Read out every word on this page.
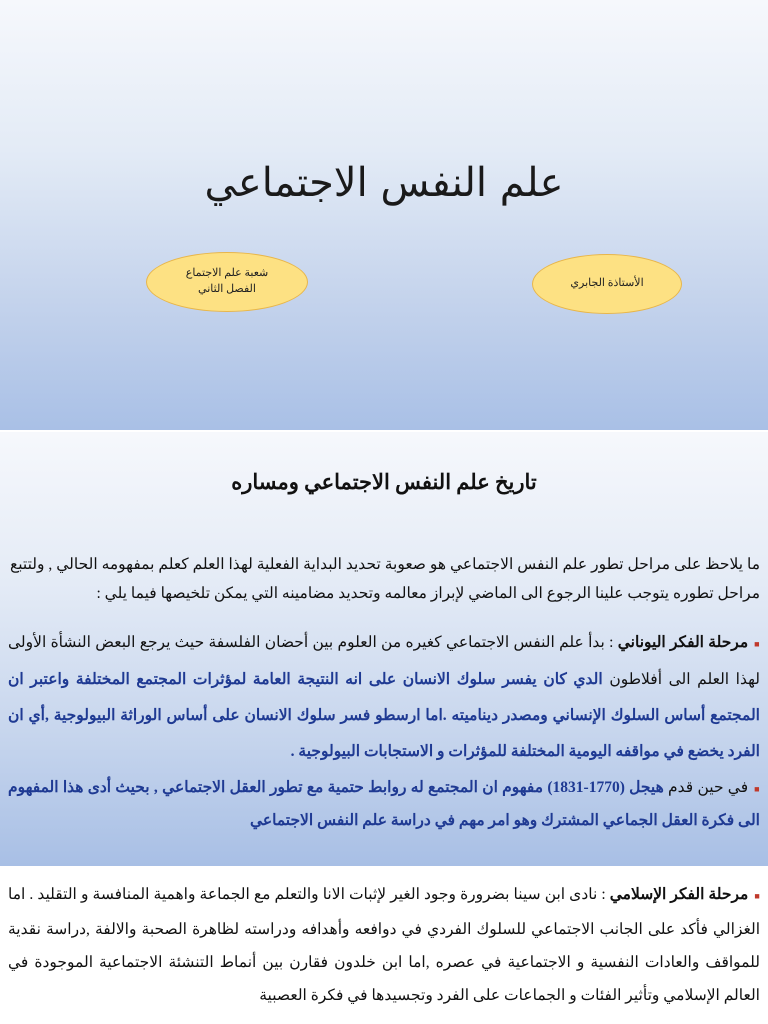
علم النفس الاجتماعي
شعبة علم الاجتماع
الفصل الثاني	الأستاذة الجابري
تاريخ علم النفس الاجتماعي ومساره
ما يلاحظ على مراحل تطور علم النفس الاجتماعي هو صعوبة تحديد البداية الفعلية لهذا العلم كعلم بمفهومه الحالي , ولتتبع مراحل تطوره يتوجب علينا الرجوع الى الماضي لإبراز معالمه وتحديد مضامينه التي يمكن تلخيصها فيما يلي :
■مرحلة الفكر اليوناني : بدأ علم النفس الاجتماعي كغيره من العلوم بين أحضان الفلسفة حيث يرجع البعض النشأة الأولى لهذا العلم الى أفلاطون الدي كان يفسر سلوك الانسان على انه النتيجة العامة لمؤثرات المجتمع المختلفة واعتبر ان المجتمع أساس السلوك الإنساني ومصدر ديناميته .اما ارسطو فسر سلوك الانسان على أساس الوراثة البيولوجية ,أي ان الفرد يخضع في مواقفه اليومية المختلفة للمؤثرات و الاستجابات البيولوجية .
■في حين قدم هيجل (1770-1831) مفهوم ان المجتمع له روابط حتمية مع تطور العقل الاجتماعي , بحيث أدى هذا المفهوم الى فكرة العقل الجماعي المشترك وهو امر مهم في دراسة علم النفس الاجتماعي
■مرحلة الفكر الإسلامي : نادى ابن سينا بضرورة وجود الغير لإثبات الانا والتعلم مع الجماعة واهمية المنافسة و التقليد . اما الغزالي فأكد على الجانب الاجتماعي للسلوك الفردي في دوافعه وأهدافه ودراسته لظاهرة الصحبة والالفة ,دراسة نقدية للمواقف والعادات النفسية و الاجتماعية في عصره ,اما ابن خلدون فقارن بين أنماط التنشئة الاجتماعية الموجودة في العالم الإسلامي وتأثير الفئات و الجماعات على الفرد وتجسيدها في فكرة العصبية
